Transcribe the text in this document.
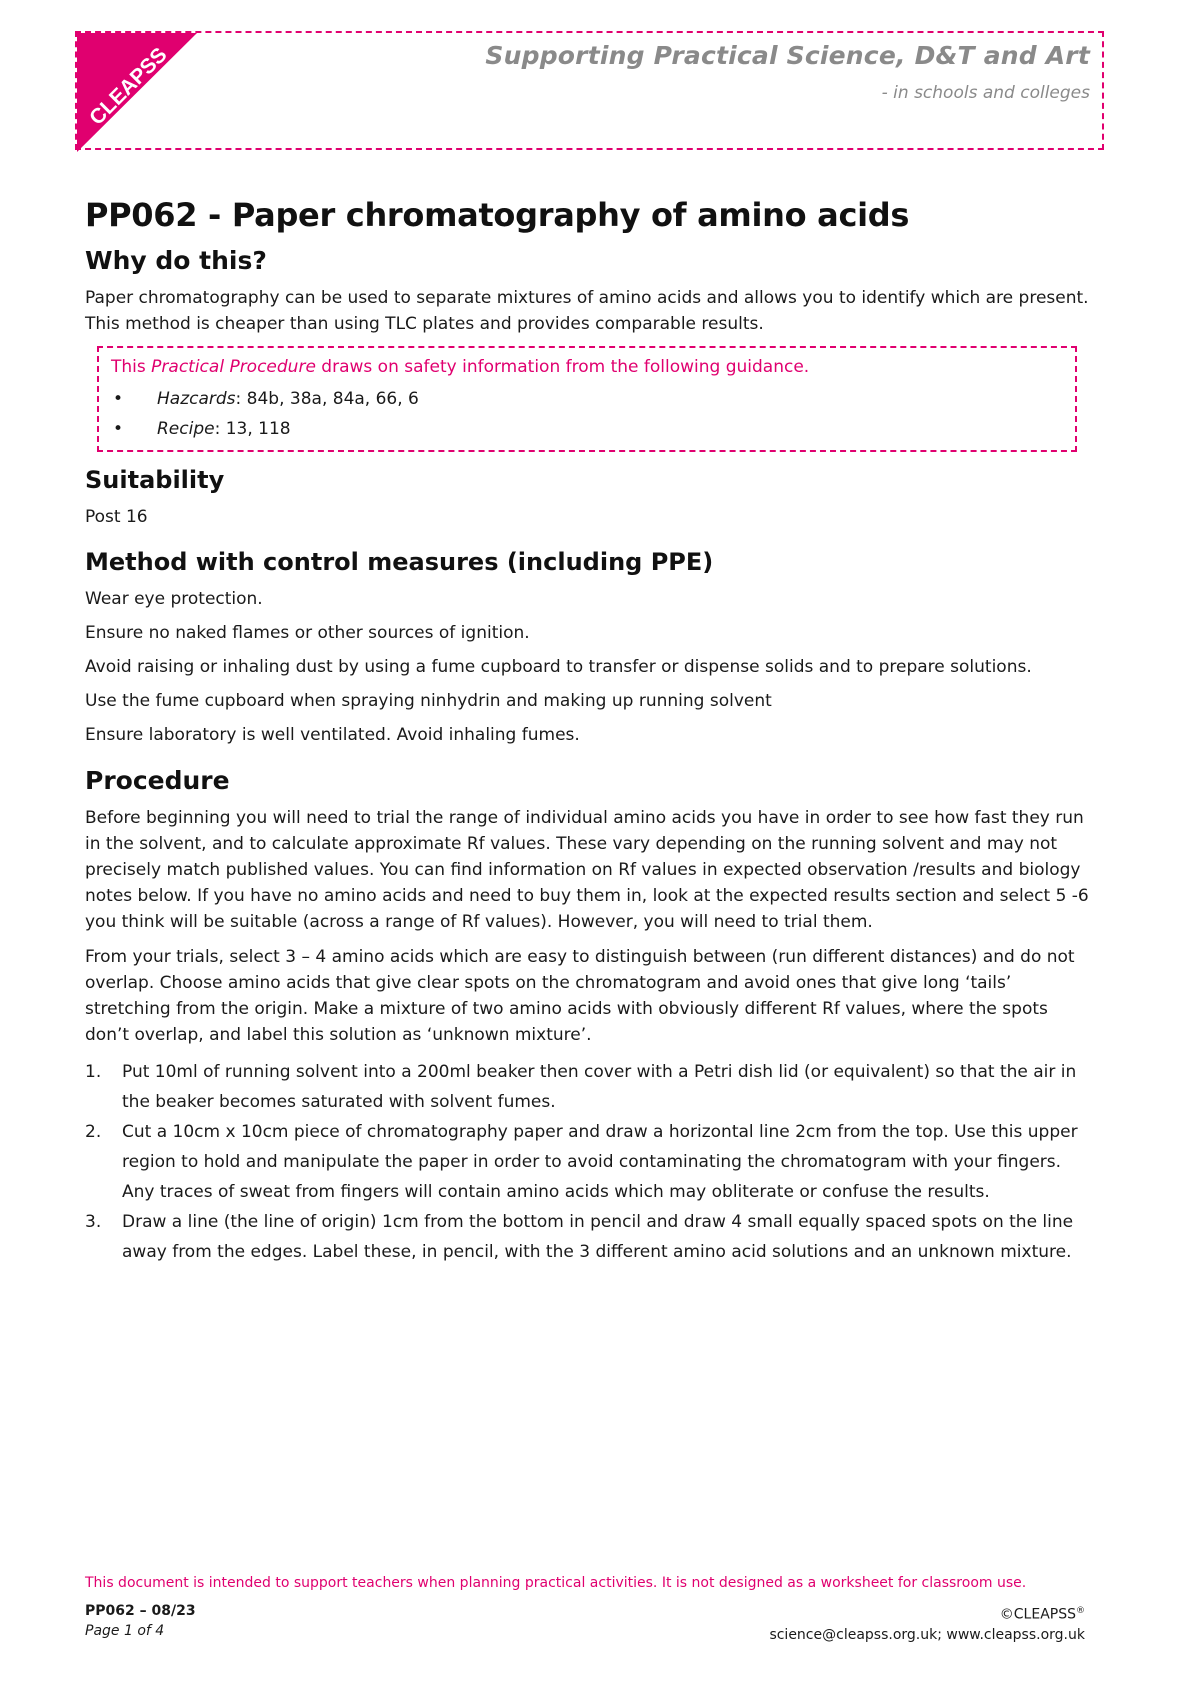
CLEAPSS	Supporting Practical Science, D&T and Art
- in schools and colleges
PP062 - Paper chromatography of amino acids
Why do this?

Paper chromatography can be used to separate mixtures of amino acids and allows you to identify which are present. This method is cheaper than using TLC plates and provides comparable results.

This Practical Procedure draws on safety information from the following guidance.
• Hazcards: 84b, 38a, 84a, 66, 6
• Recipe: 13, 118
Suitability

Post 16

Method with control measures (including PPE)

Wear eye protection.

Ensure no naked flames or other sources of ignition.

Avoid raising or inhaling dust by using a fume cupboard to transfer or dispense solids and to prepare solutions.

Use the fume cupboard when spraying ninhydrin and making up running solvent

Ensure laboratory is well ventilated. Avoid inhaling fumes.

Procedure

Before beginning you will need to trial the range of individual amino acids you have in order to see how fast they run in the solvent, and to calculate approximate Rf values. These vary depending on the running solvent and may not precisely match published values. You can find information on Rf values in expected observation /results and biology notes below. If you have no amino acids and need to buy them in, look at the expected results section and select 5 -6 you think will be suitable (across a range of Rf values). However, you will need to trial them.

From your trials, select 3 – 4 amino acids which are easy to distinguish between (run different distances) and do not overlap. Choose amino acids that give clear spots on the chromatogram and avoid ones that give long ‘tails’ stretching from the origin. Make a mixture of two amino acids with obviously different Rf values, where the spots don’t overlap, and label this solution as ‘unknown mixture’.

1. Put 10ml of running solvent into a 200ml beaker then cover with a Petri dish lid (or equivalent) so that the air in the beaker becomes saturated with solvent fumes.
2. Cut a 10cm x 10cm piece of chromatography paper and draw a horizontal line 2cm from the top. Use this upper region to hold and manipulate the paper in order to avoid contaminating the chromatogram with your fingers. Any traces of sweat from fingers will contain amino acids which may obliterate or confuse the results.
3. Draw a line (the line of origin) 1cm from the bottom in pencil and draw 4 small equally spaced spots on the line away from the edges. Label these, in pencil, with the 3 different amino acid solutions and an unknown mixture.
This document is intended to support teachers when planning practical activities. It is not designed as a worksheet for classroom use.
PP062 – 08/23
Page 1 of 4
©CLEAPSS®
science@cleapss.org.uk; www.cleapss.org.uk
